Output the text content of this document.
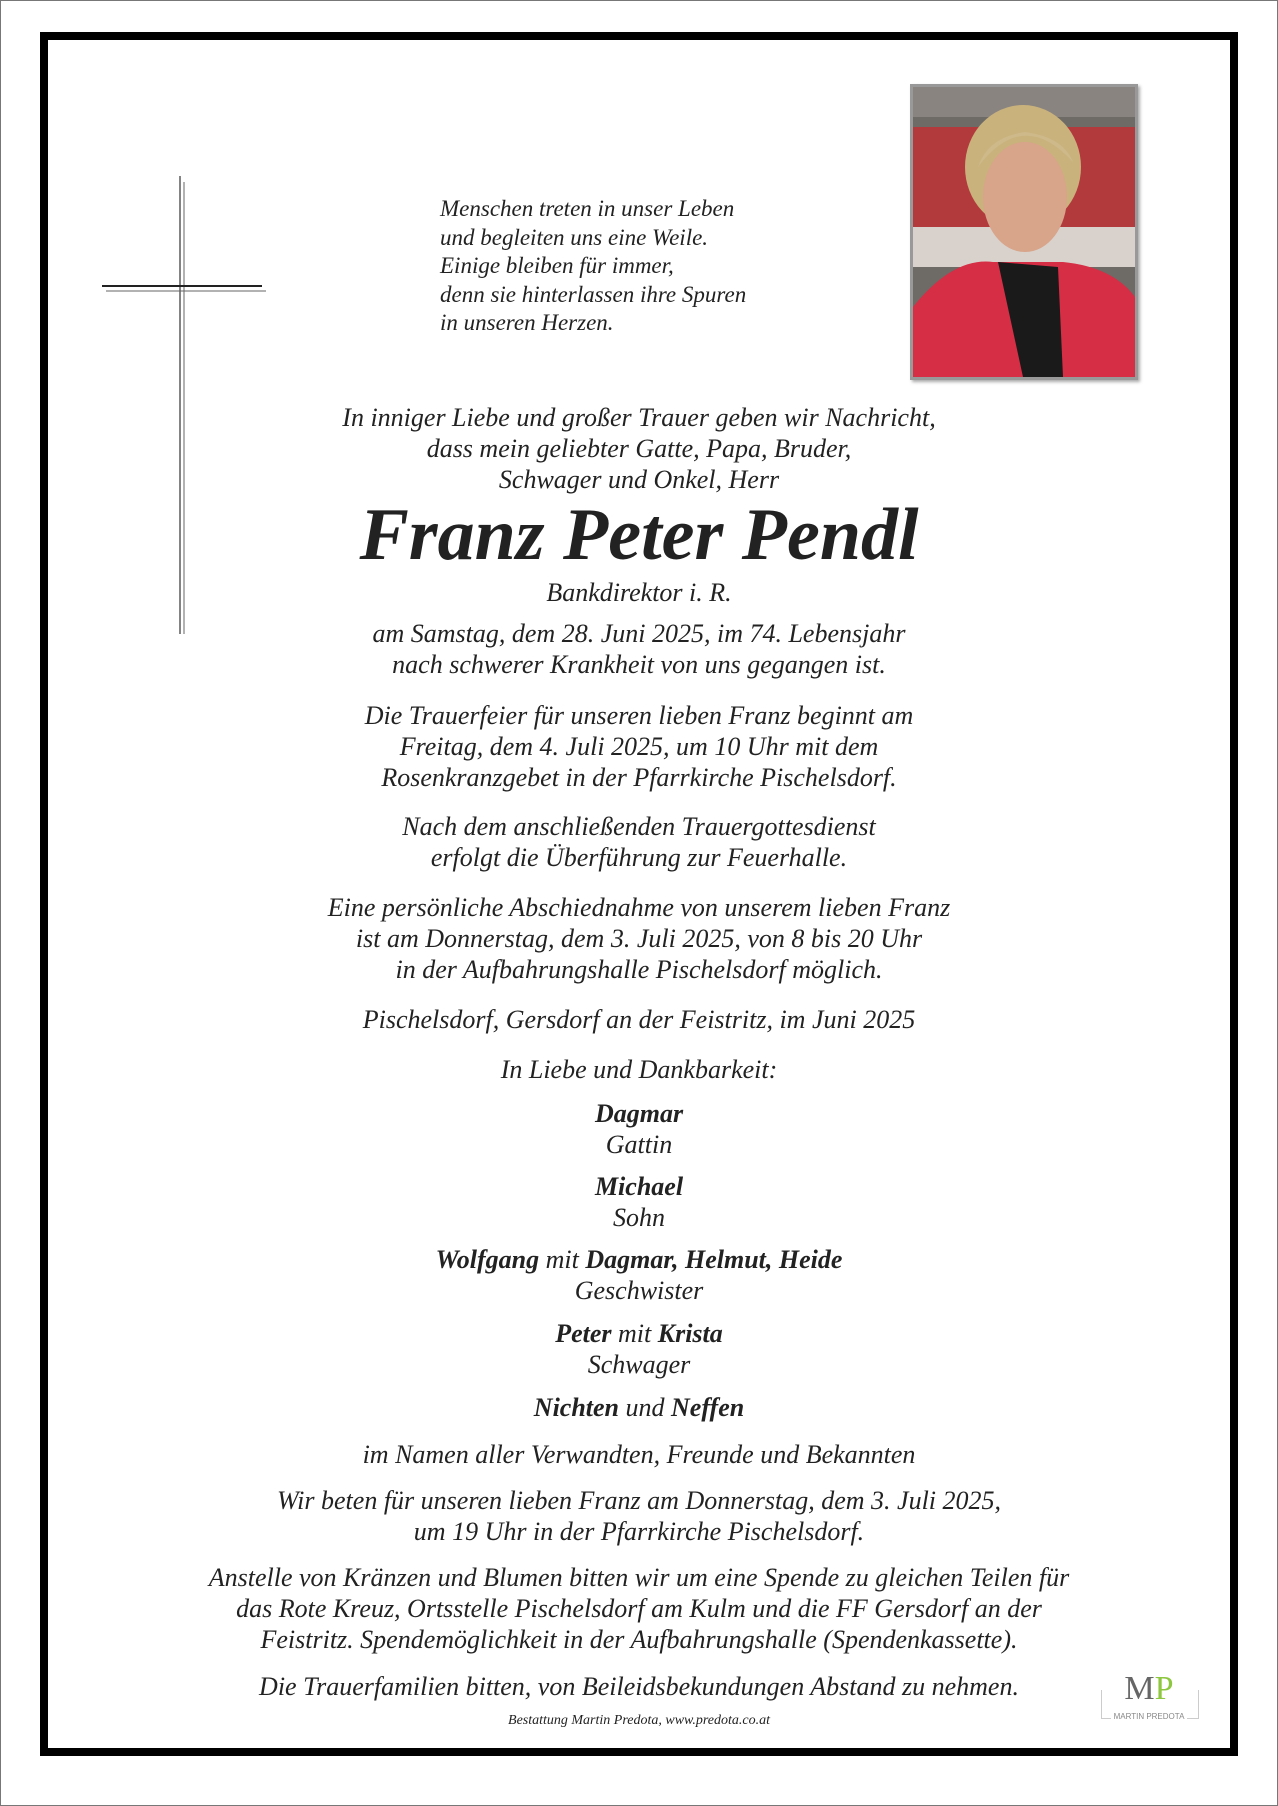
Menschen treten in unser Leben
und begleiten uns eine Weile.
Einige bleiben für immer,
denn sie hinterlassen ihre Spuren
in unseren Herzen.
In inniger Liebe und großer Trauer geben wir Nachricht,
dass mein geliebter Gatte, Papa, Bruder,
Schwager und Onkel, Herr
Franz Peter Pendl
Bankdirektor i. R.
am Samstag, dem 28. Juni 2025, im 74. Lebensjahr
nach schwerer Krankheit von uns gegangen ist.
Die Trauerfeier für unseren lieben Franz beginnt am
Freitag, dem 4. Juli 2025, um 10 Uhr mit dem
Rosenkranzgebet in der Pfarrkirche Pischelsdorf.
Nach dem anschließenden Trauergottesdienst
erfolgt die Überführung zur Feuerhalle.
Eine persönliche Abschiednahme von unserem lieben Franz
ist am Donnerstag, dem 3. Juli 2025, von 8 bis 20 Uhr
in der Aufbahrungshalle Pischelsdorf möglich.
Pischelsdorf, Gersdorf an der Feistritz, im Juni 2025
In Liebe und Dankbarkeit:
Dagmar
Gattin
Michael
Sohn
Wolfgang mit Dagmar, Helmut, Heide
Geschwister
Peter mit Krista
Schwager
Nichten und Neffen
im Namen aller Verwandten, Freunde und Bekannten
Wir beten für unseren lieben Franz am Donnerstag, dem 3. Juli 2025,
um 19 Uhr in der Pfarrkirche Pischelsdorf.
Anstelle von Kränzen und Blumen bitten wir um eine Spende zu gleichen Teilen für
das Rote Kreuz, Ortsstelle Pischelsdorf am Kulm und die FF Gersdorf an der
Feistritz. Spendemöglichkeit in der Aufbahrungshalle (Spendenkassette).
Die Trauerfamilien bitten, von Beileidsbekundungen Abstand zu nehmen.
Bestattung Martin Predota, www.predota.co.at
MP MARTIN PREDOTA
